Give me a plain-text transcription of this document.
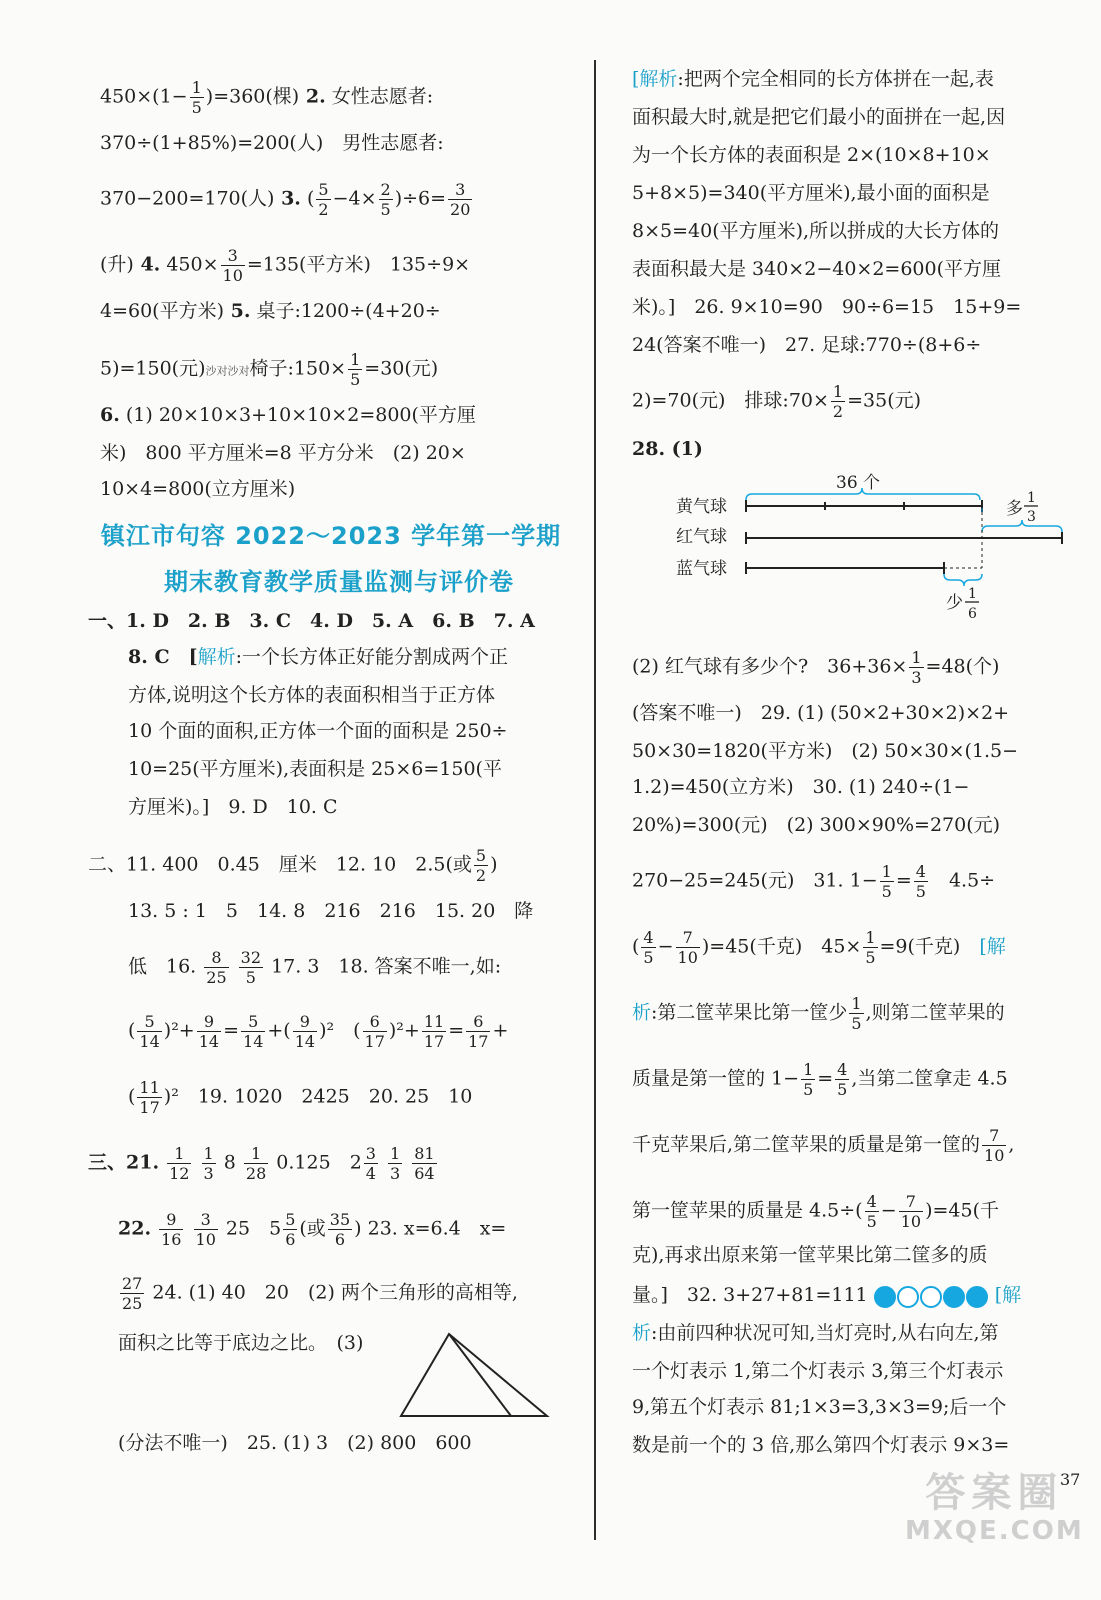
$450\times(1- \frac{1}{5} )=360$(棵) 2. 女性志愿者:
370÷(1+85%)=200(人)　男性志愿者:
370−200=170(人) 3. ( $\frac{5}{2} -4\times \frac{2}{5} )\div 6= \frac{3}{20}$
(升) 4. $450\times \frac{3}{10} =135$(平方米)　135÷9×
4=60(平方米) 5. 桌子:1200÷(4+20÷
5)=150(元)沙对沙对椅子:150× $\frac{1}{5} =30$(元)
6. (1) 20×10×3+10×10×2=800(平方厘
米)　800 平方厘米=8 平方分米　(2) 20×
10×4=800(立方厘米)
镇江市句容 2022～2023 学年第一学期
期末教育教学质量监测与评价卷
一、1. D　2. B　3. C　4. D　5. A　6. B　7. A
8. C　[解析:一个长方体正好能分割成两个正
方体,说明这个长方体的表面积相当于正方体
10 个面的面积,正方体一个面的面积是 250÷
10=25(平方厘米),表面积是 25×6=150(平
方厘米)。]　9. D　10. C
二、11. 400　0.45　厘米　12. 10　2.5(或 $\frac{5}{2}$ )
13. 5 : 1　5　14. 8　216　216　15. 20　降
低　16. $\frac{8}{25}$
$\frac{32}{5} 17$. 3　18. 答案不唯一,如:
( $\frac{5}{14} )^2+ \frac{9}{14} = \frac{5}{14}$ +( $\frac{9}{14} )^2$　( $\frac{6}{17} )^2+ \frac{11}{17} = \frac{6}{17}$ +
( $\frac{11}{17} )^2$　19. 1020　2425　20. 25　10
三、21. $\frac{1}{12}$
$\frac{1}{3} 8 \frac{1}{28} 0.125$　$2 \frac{3}{4}$
$\frac{1}{3}$
$\frac{81}{64}$
22. $\frac{9}{16}$
$\frac{3}{10} 25$　$5 \frac{5}{6}$ (或 $\frac{35}{6}$ ) 23. x=6.4　x=
$\frac{27}{25} 24$. (1) 40　20　(2) 两个三角形的高相等,
面积之比等于底边之比。　(3)
(分法不唯一)　25. (1) 3　(2) 800　600
[解析:把两个完全相同的长方体拼在一起,表
面积最大时,就是把它们最小的面拼在一起,因
为一个长方体的表面积是 2×(10×8+10×
5+8×5)=340(平方厘米),最小面的面积是
8×5=40(平方厘米),所以拼成的大长方体的
表面积最大是 340×2−40×2=600(平方厘
米)。]　26. 9×10=90　90÷6=15　15+9=
24(答案不唯一)　27. 足球:770÷(8+6÷
2)=70(元)　排球:70× $\frac{1}{2} =35$(元)
28. (1)
(2) 红气球有多少个?　$36+36\times \frac{1}{3} =48$(个)
(答案不唯一)　29. (1) (50×2+30×2)×2+
50×30=1820(平方米)　(2) 50×30×(1.5−
1.2)=450(立方米)　30. (1) 240÷(1−
20%)=300(元)　(2) 300×90%=270(元)
270−25=245(元)　31. $1- \frac{1}{5} = \frac{4}{5}$
　 4.5÷
( $\frac{4}{5} - \frac{7}{10} )=45$(千克)　$45\times \frac{1}{5} =9$(千克)　[解
析:第二筐苹果比第一筐少 $\frac{1}{5}$ ,则第二筐苹果的
质量是第一筐的 $1- \frac{1}{5} = \frac{4}{5}$ ,当第二筐拿走 4.5
千克苹果后,第二筐苹果的质量是第一筐的 $\frac{7}{10}$ ,
第一筐苹果的质量是 $4.5\div( \frac{4}{5} - \frac{7}{10} )=45$(千
克),再求出原来第一筐苹果比第二筐多的质
量。]　32. 3+27+81=111	[解
析:由前四种状况可知,当灯亮时,从右向左,第
一个灯表示 1,第二个灯表示 3,第三个灯表示
9,第五个灯表示 81;1×3=3,3×3=9;后一个
数是前一个的 3 倍,那么第四个灯表示 9×3=
黄气球
红气球
蓝气球
36 个
多
1
3
少 1
6
答案圈
MXQE.COM
37
